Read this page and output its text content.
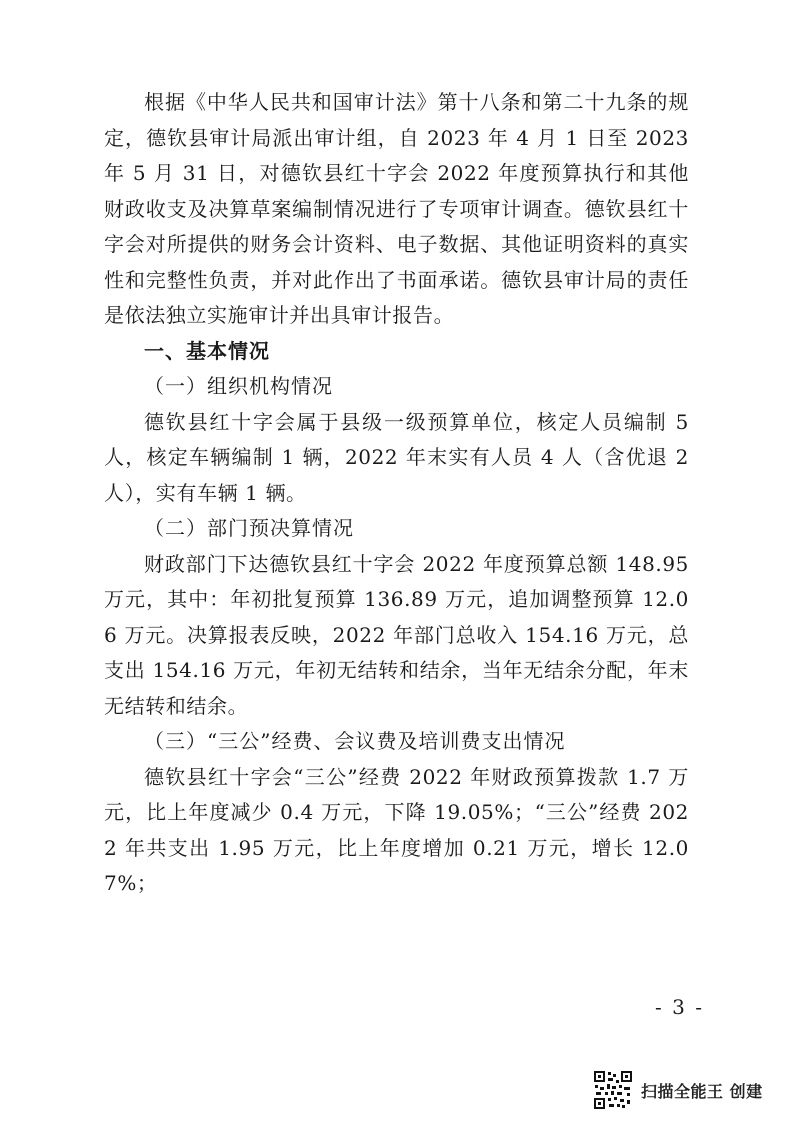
根据《中华人民共和国审计法》第十八条和第二十九条的规定，德钦县审计局派出审计组，自 2023 年 4 月 1 日至 2023 年 5 月 31 日，对德钦县红十字会 2022 年度预算执行和其他财政收支及决算草案编制情况进行了专项审计调查。德钦县红十字会对所提供的财务会计资料、电子数据、其他证明资料的真实性和完整性负责，并对此作出了书面承诺。德钦县审计局的责任是依法独立实施审计并出具审计报告。

一、基本情况

（一）组织机构情况

德钦县红十字会属于县级一级预算单位，核定人员编制 5 人，核定车辆编制 1 辆，2022 年末实有人员 4 人（含优退 2 人），实有车辆 1 辆。

（二）部门预决算情况

财政部门下达德钦县红十字会 2022 年度预算总额 148.95 万元，其中：年初批复预算 136.89 万元，追加调整预算 12.06 万元。决算报表反映，2022 年部门总收入 154.16 万元，总支出 154.16 万元，年初无结转和结余，当年无结余分配，年末无结转和结余。

（三）“三公”经费、会议费及培训费支出情况

德钦县红十字会“三公”经费 2022 年财政预算拨款 1.7 万元，比上年度减少 0.4 万元，下降 19.05%；“三公”经费 2022 年共支出 1.95 万元，比上年度增加 0.21 万元，增长 12.07%；

- 3 -
扫描全能王 创建
